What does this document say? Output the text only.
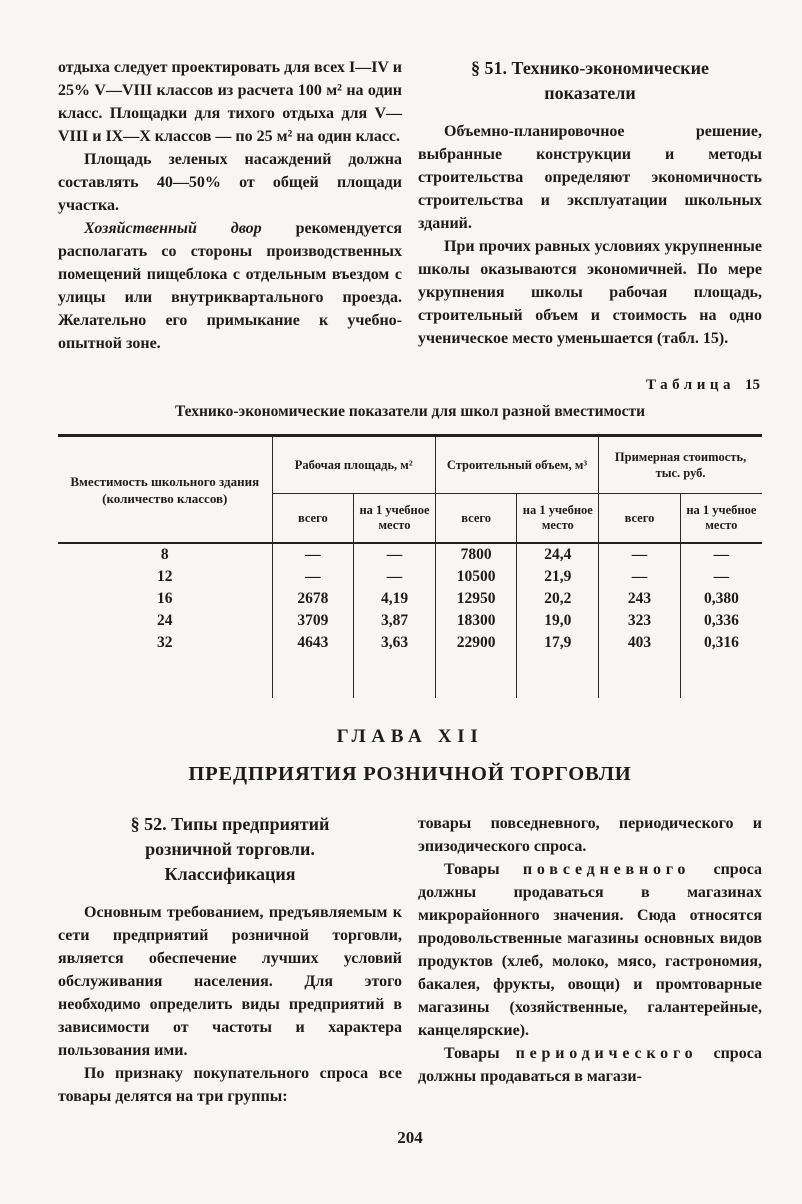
отдыха следует проектировать для всех I—IV и 25% V—VIII классов из расчета 100 м² на один класс. Площадки для тихого отдыха для V—VIII и IX—X классов — по 25 м² на один класс.

Площадь зеленых насаждений должна составлять 40—50% от общей площади участка.

Хозяйственный двор рекомендуется располагать со стороны производственных помещений пищеблока с отдельным въездом с улицы или внутриквартального проезда. Желательно его примыкание к учебно-опытной зоне.

§ 51. Технико-экономические
показатели

Объемно-планировочное решение, выбранные конструкции и методы строительства определяют экономичность строительства и эксплуатации школьных зданий.

При прочих равных условиях укрупненные школы оказываются экономичней. По мере укрупнения школы рабочая площадь, строительный объем и стоимость на одно ученическое место уменьшается (табл. 15).

Таблица 15
Технико-экономические показатели для школ разной вместимости
Вместимость школьного здания (количество классов)	Рабочая площадь, м²		Строительный объем, м³		Примерная стоиmость, тыс. руб.	
	всего	на 1 учебное место	всего	на 1 учебное место	всего	на 1 учебное место
8	—	—	7800	24,4	—	—
12	—	—	10500	21,9	—	—
16	2678	4,19	12950	20,2	243	0,380
24	3709	3,87	18300	19,0	323	0,336
32	4643	3,63	22900	17,9	403	0,316

ГЛАВА XII
ПРЕДПРИЯТИЯ РОЗНИЧНОЙ ТОРГОВЛИ
§ 52. Типы предприятий
розничной торговли.
Классификация

Основным требованием, предъявляемым к сети предприятий розничной торговли, является обеспечение лучших условий обслуживания населения. Для этого необходимо определить виды предприятий в зависимости от частоты и характера пользования ими.

По признаку покупательного спроса все товары делятся на три группы:

товары повседневного, периодического и эпизодического спроса.

Товары повседневного спроса должны продаваться в магазинах микрорайонного значения. Сюда относятся продовольственные магазины основных видов продуктов (хлеб, молоко, мясо, гастрономия, бакалея, фрукты, овощи) и промтоварные магазины (хозяйственные, галантерейные, канцелярские).

Товары периодического спроса должны продаваться в магази-

204
